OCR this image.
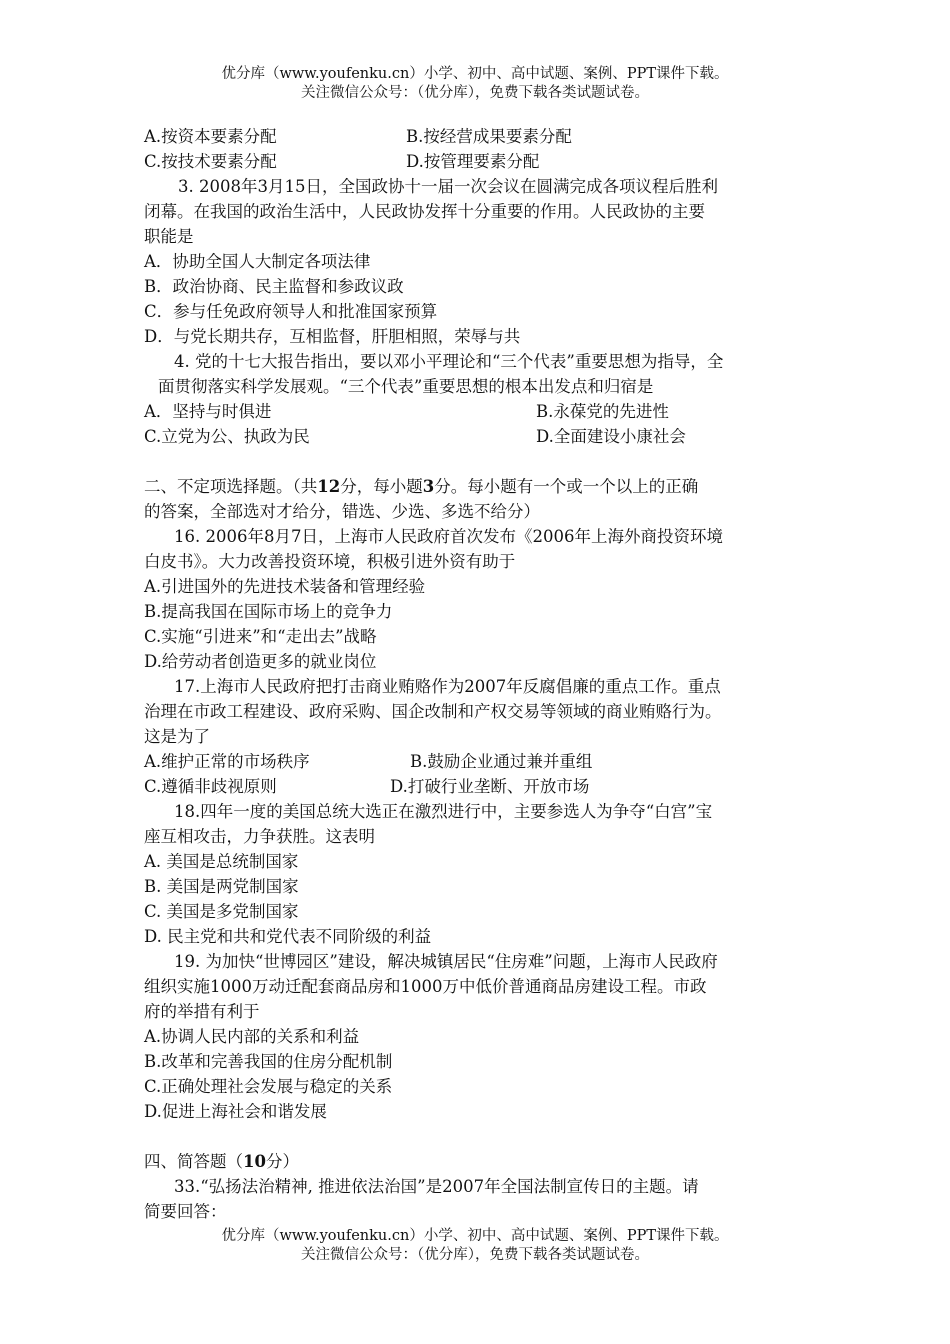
优分库（www.youfenku.cn）小学、初中、高中试题、案例、PPT课件下载。
关注微信公众号：（优分库），免费下载各类试题试卷。
A.按资本要素分配	B.按经营成果要素分配
C.按技术要素分配	D.按管理要素分配
3. 2008年3月15日，全国政协十一届一次会议在圆满完成各项议程后胜利
闭幕。在我国的政治生活中，人民政协发挥十分重要的作用。人民政协的主要
职能是
A．协助全国人大制定各项法律
B．政治协商、民主监督和参政议政
C．参与任免政府领导人和批准国家预算
D．与党长期共存，互相监督，肝胆相照，荣辱与共
4. 党的十七大报告指出，要以邓小平理论和“三个代表”重要思想为指导，全
面贯彻落实科学发展观。“三个代表”重要思想的根本出发点和归宿是
A．坚持与时俱进	B.永葆党的先进性
C.立党为公、执政为民	D.全面建设小康社会
二、不定项选择题。（共12分，每小题3分。每小题有一个或一个以上的正确
的答案，全部选对才给分，错选、少选、多选不给分）
16. 2006年8月7日，上海市人民政府首次发布《2006年上海外商投资环境
白皮书》。大力改善投资环境，积极引进外资有助于
A.引进国外的先进技术装备和管理经验
B.提高我国在国际市场上的竞争力
C.实施“引进来”和“走出去”战略
D.给劳动者创造更多的就业岗位
17.上海市人民政府把打击商业贿赂作为2007年反腐倡廉的重点工作。重点
治理在市政工程建设、政府采购、国企改制和产权交易等领域的商业贿赂行为。
这是为了
A.维护正常的市场秩序	B.鼓励企业通过兼并重组
C.遵循非歧视原则	D.打破行业垄断、开放市场
18.四年一度的美国总统大选正在激烈进行中，主要参选人为争夺“白宫”宝
座互相攻击，力争获胜。这表明
A. 美国是总统制国家
B. 美国是两党制国家
C. 美国是多党制国家
D. 民主党和共和党代表不同阶级的利益
19. 为加快“世博园区”建设，解决城镇居民“住房难”问题，上海市人民政府
组织实施1000万动迁配套商品房和1000万中低价普通商品房建设工程。市政
府的举措有利于
A.协调人民内部的关系和利益
B.改革和完善我国的住房分配机制
C.正确处理社会发展与稳定的关系
D.促进上海社会和谐发展
四、简答题（10分）
33.“弘扬法治精神, 推进依法治国”是2007年全国法制宣传日的主题。请
简要回答：
优分库（www.youfenku.cn）小学、初中、高中试题、案例、PPT课件下载。
关注微信公众号：（优分库），免费下载各类试题试卷。
